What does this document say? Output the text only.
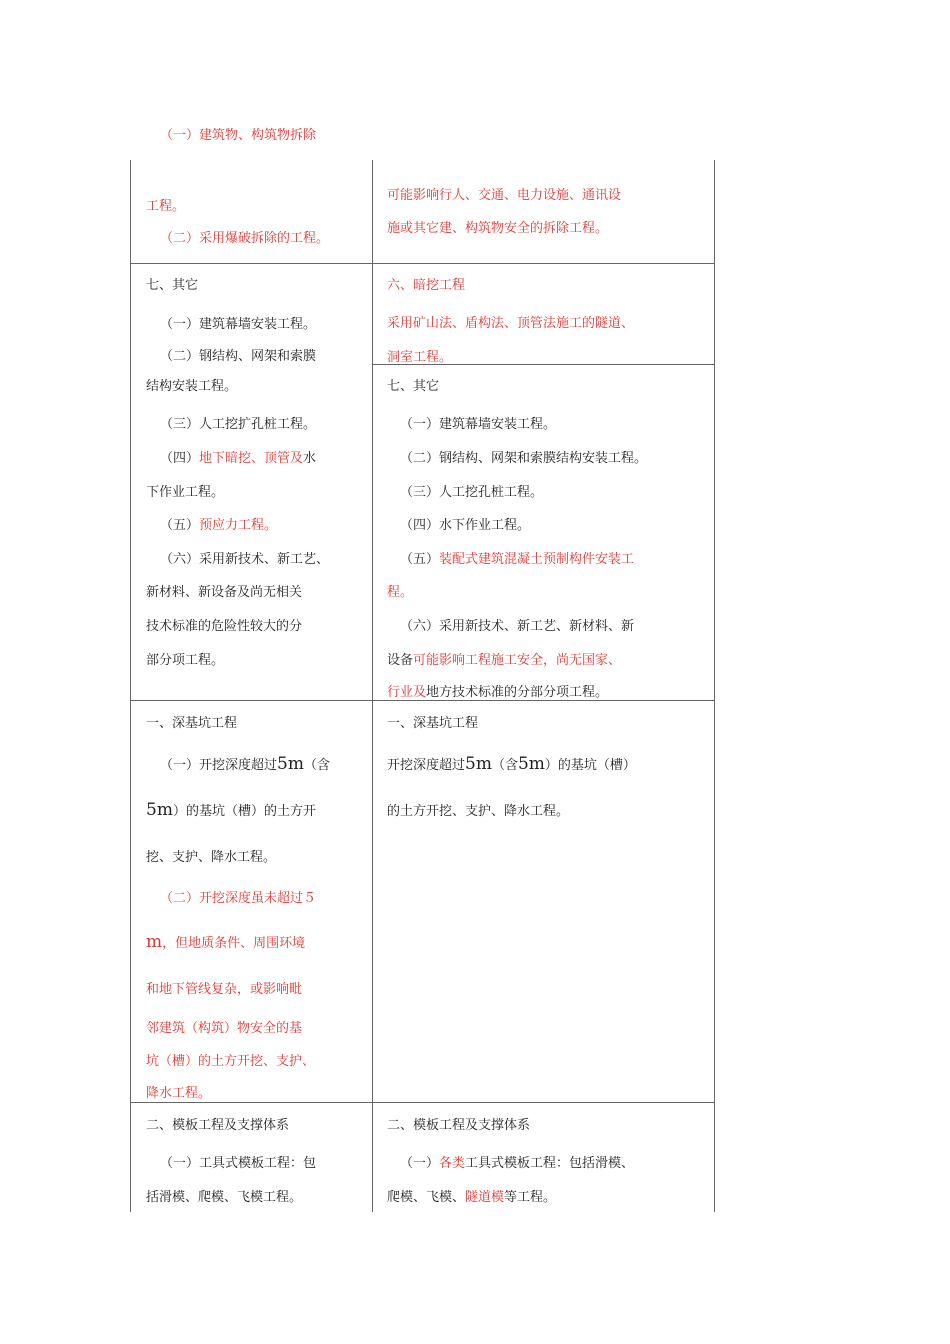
（一）建筑物、构筑物拆除
工程。
（二）采用爆破拆除的工程。
可能影响行人、交通、电力设施、通讯设
施或其它建、构筑物安全的拆除工程。
七、其它
（一）建筑幕墙安装工程。
（二）钢结构、网架和索膜
结构安装工程。
（三）人工挖扩孔桩工程。
（四）地下暗挖、顶管及水
下作业工程。
（五）预应力工程。
（六）采用新技术、新工艺、
新材料、新设备及尚无相关
技术标准的危险性较大的分
部分项工程。
六、暗挖工程
采用矿山法、盾构法、顶管法施工的隧道、
洞室工程。
七、其它
（一）建筑幕墙安装工程。
（二）钢结构、网架和索膜结构安装工程。
（三）人工挖孔桩工程。
（四）水下作业工程。
（五）装配式建筑混凝土预制构件安装工
程。
（六）采用新技术、新工艺、新材料、新
设备可能影响工程施工安全，尚无国家、
行业及地方技术标准的分部分项工程。
一、深基坑工程
（一）开挖深度超过5m（含
5m）的基坑（槽）的土方开
挖、支护、降水工程。
（二）开挖深度虽未超过５
m，但地质条件、周围环境
和地下管线复杂，或影响毗
邻建筑（构筑）物安全的基
坑（槽）的土方开挖、支护、
降水工程。
一、深基坑工程
开挖深度超过5m（含5m）的基坑（槽）
的土方开挖、支护、降水工程。
二、模板工程及支撑体系
（一）工具式模板工程：包
括滑模、爬模、飞模工程。
二、模板工程及支撑体系
（一）各类工具式模板工程：包括滑模、
爬模、飞模、隧道模等工程。
